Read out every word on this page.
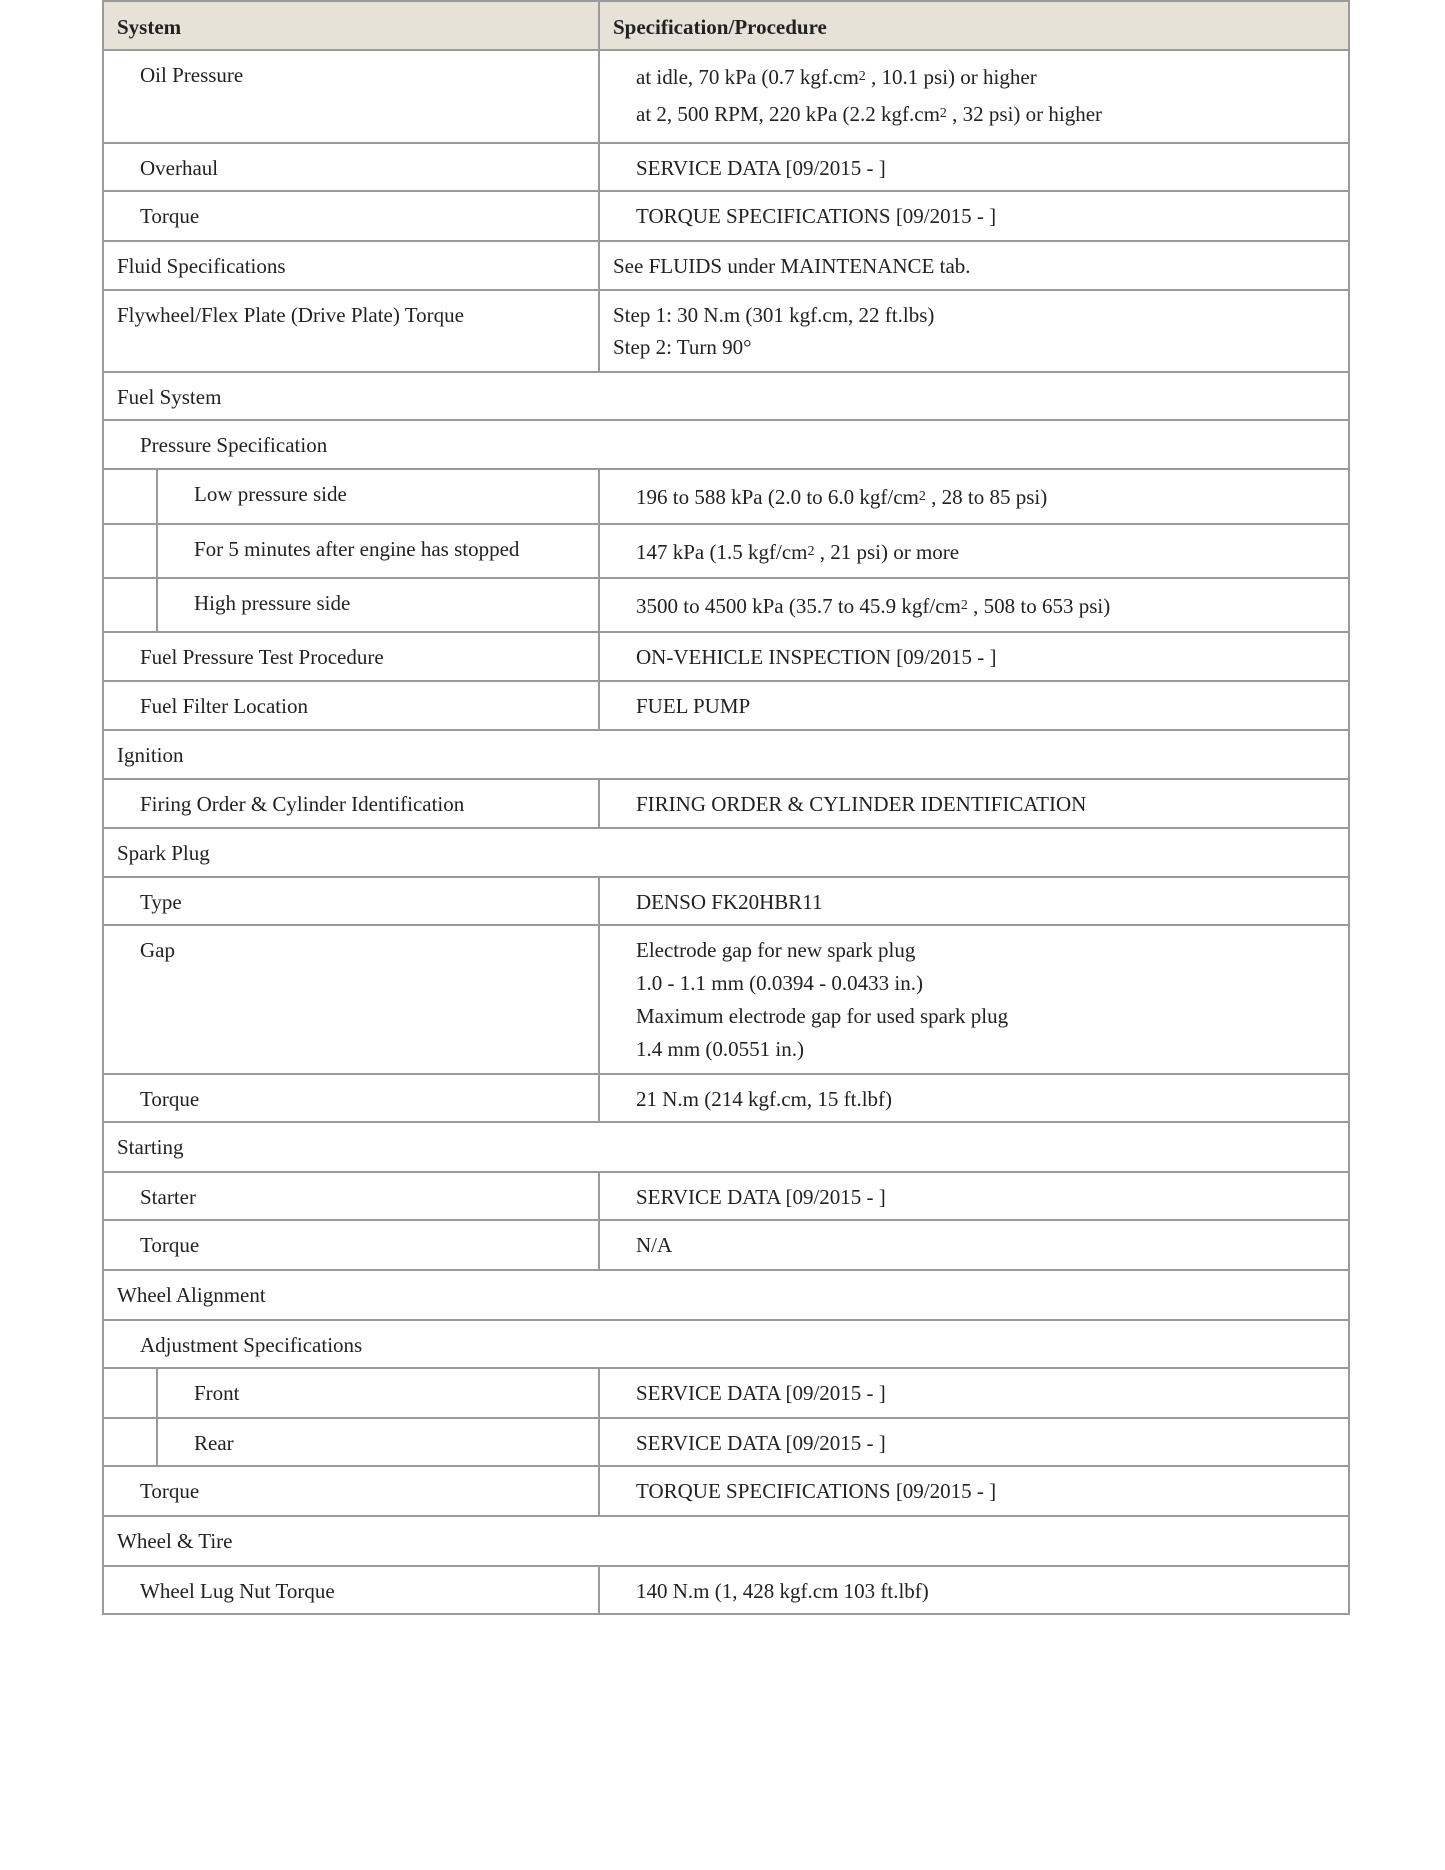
System	Specification/Procedure
Oil Pressure	at idle, 70 kPa (0.7 $kgf.cm^2$ , 10.1 psi) or higher
at 2, 500 RPM, 220 kPa (2.2 $kgf.cm^2$ , 32 psi) or higher
Overhaul	SERVICE DATA [09/2015 - ]
Torque	TORQUE SPECIFICATIONS [09/2015 - ]
Fluid Specifications	See FLUIDS under MAINTENANCE tab.
Flywheel/Flex Plate (Drive Plate) Torque	Step 1: 30 N.m (301 kgf.cm, 22 ft.lbs)
Step 2: Turn 90°
Fuel System
Pressure Specification
Low pressure side	196 to 588 kPa (2.0 to 6.0 kgf/$cm^2$ , 28 to 85 psi)
For 5 minutes after engine has stopped	147 kPa (1.5 kgf/$cm^2$ , 21 psi) or more
High pressure side	3500 to 4500 kPa (35.7 to 45.9 kgf/$cm^2$ , 508 to 653 psi)
Fuel Pressure Test Procedure	ON-VEHICLE INSPECTION [09/2015 - ]
Fuel Filter Location	FUEL PUMP
Ignition
Firing Order & Cylinder Identification	FIRING ORDER & CYLINDER IDENTIFICATION
Spark Plug
Type	DENSO FK20HBR11
Gap	Electrode gap for new spark plug
1.0 - 1.1 mm (0.0394 - 0.0433 in.)
Maximum electrode gap for used spark plug
1.4 mm (0.0551 in.)
Torque	21 N.m (214 kgf.cm, 15 ft.lbf)
Starting
Starter	SERVICE DATA [09/2015 - ]
Torque	N/A
Wheel Alignment
Adjustment Specifications
Front	SERVICE DATA [09/2015 - ]
Rear	SERVICE DATA [09/2015 - ]
Torque	TORQUE SPECIFICATIONS [09/2015 - ]
Wheel & Tire
Wheel Lug Nut Torque	140 N.m (1, 428 kgf.cm 103 ft.lbf)
